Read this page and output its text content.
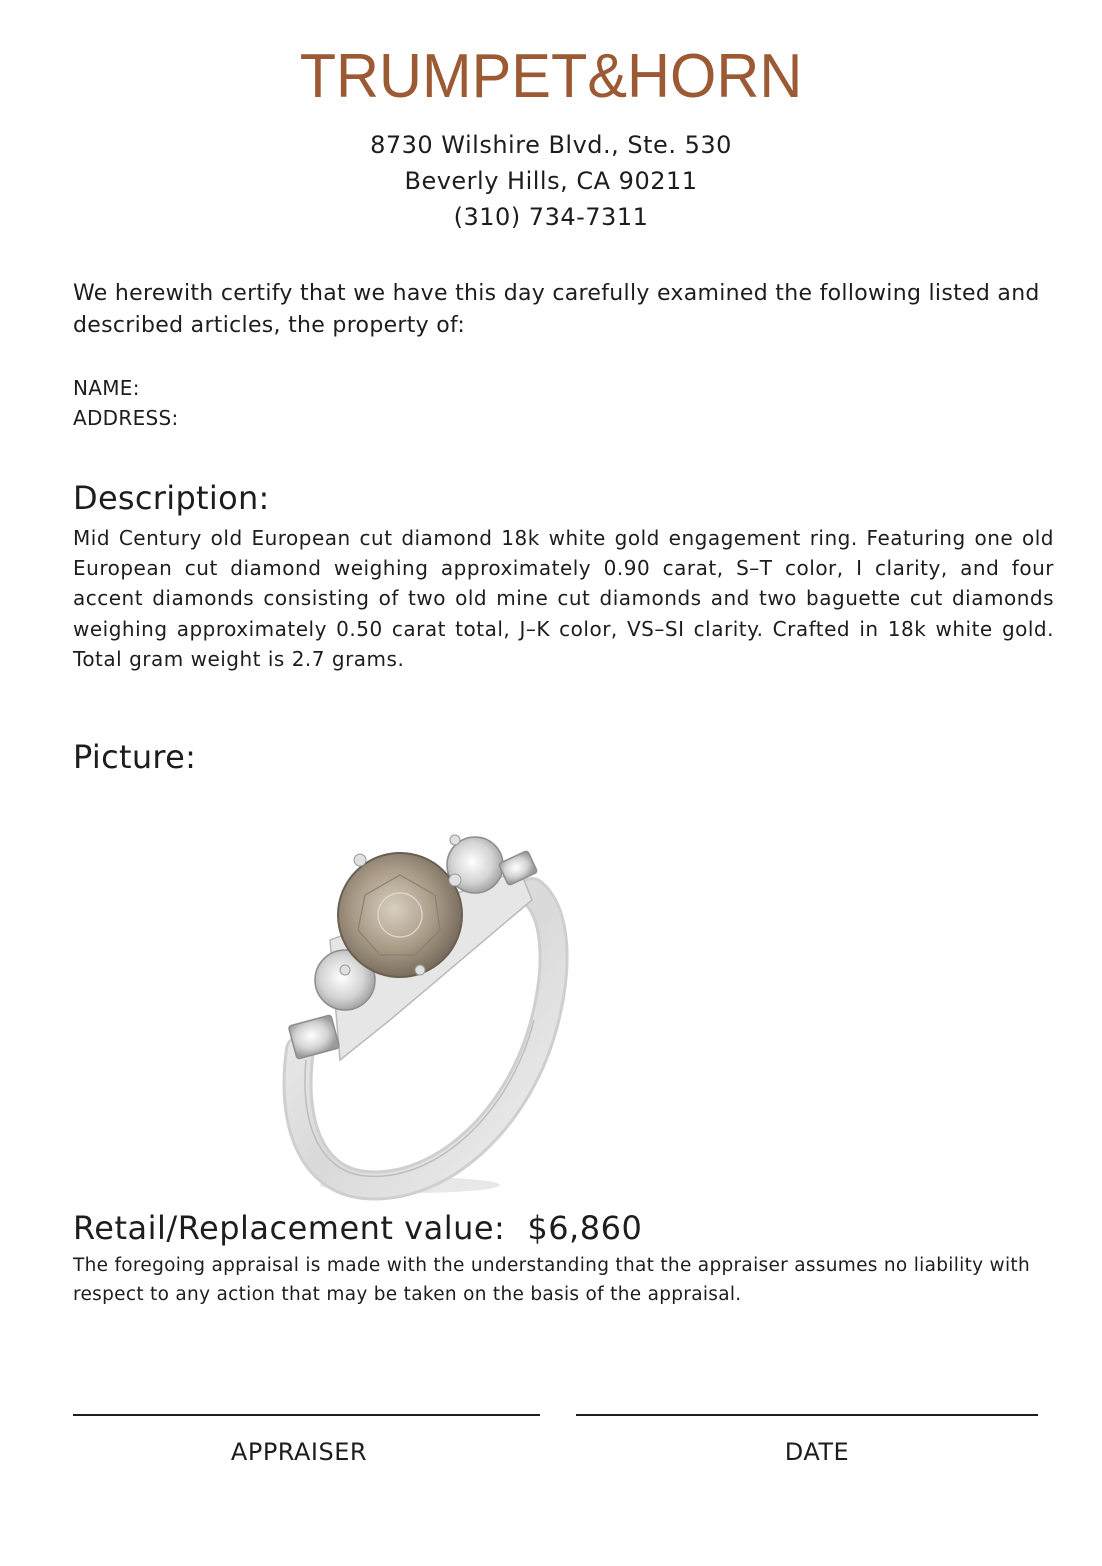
TRUMPET&HORN
8730 Wilshire Blvd., Ste. 530
Beverly Hills, CA 90211
(310) 734-7311
We herewith certify that we have this day carefully examined the following listed and described articles, the property of:
NAME:
ADDRESS:
Description:
Mid Century old European cut diamond 18k white gold engagement ring. Featuring one old European cut diamond weighing approximately 0.90 carat, S–T color, I clarity, and four accent diamonds consisting of two old mine cut diamonds and two baguette cut diamonds weighing approximately 0.50 carat total, J–K color, VS–SI clarity. Crafted in 18k white gold. Total gram weight is 2.7 grams.
Picture:
Retail/Replacement value: $6,860
The foregoing appraisal is made with the understanding that the appraiser assumes no liability with respect to any action that may be taken on the basis of the appraisal.
APPRAISER	DATE
